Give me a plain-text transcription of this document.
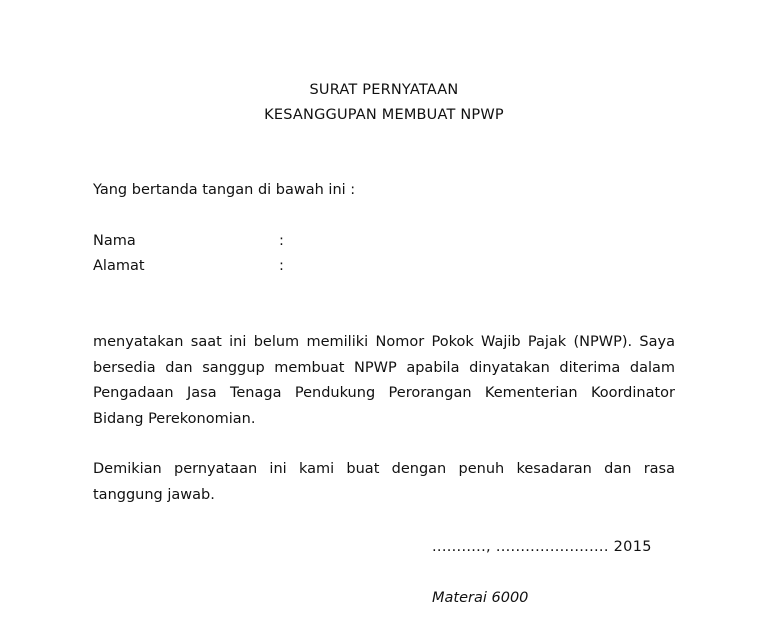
SURAT PERNYATAAN
KESANGGUPAN MEMBUAT NPWP
Yang bertanda tangan di bawah ini :
Nama	:
Alamat	:

menyatakan saat ini belum memiliki Nomor Pokok Wajib Pajak (NPWP). Saya bersedia dan sanggup membuat NPWP apabila dinyatakan diterima dalam Pengadaan Jasa Tenaga Pendukung Perorangan Kementerian Koordinator Bidang Perekonomian.

Demikian pernyataan ini kami buat dengan penuh kesadaran dan rasa tanggung jawab.

..........., ....................... 2015
Materai 6000
